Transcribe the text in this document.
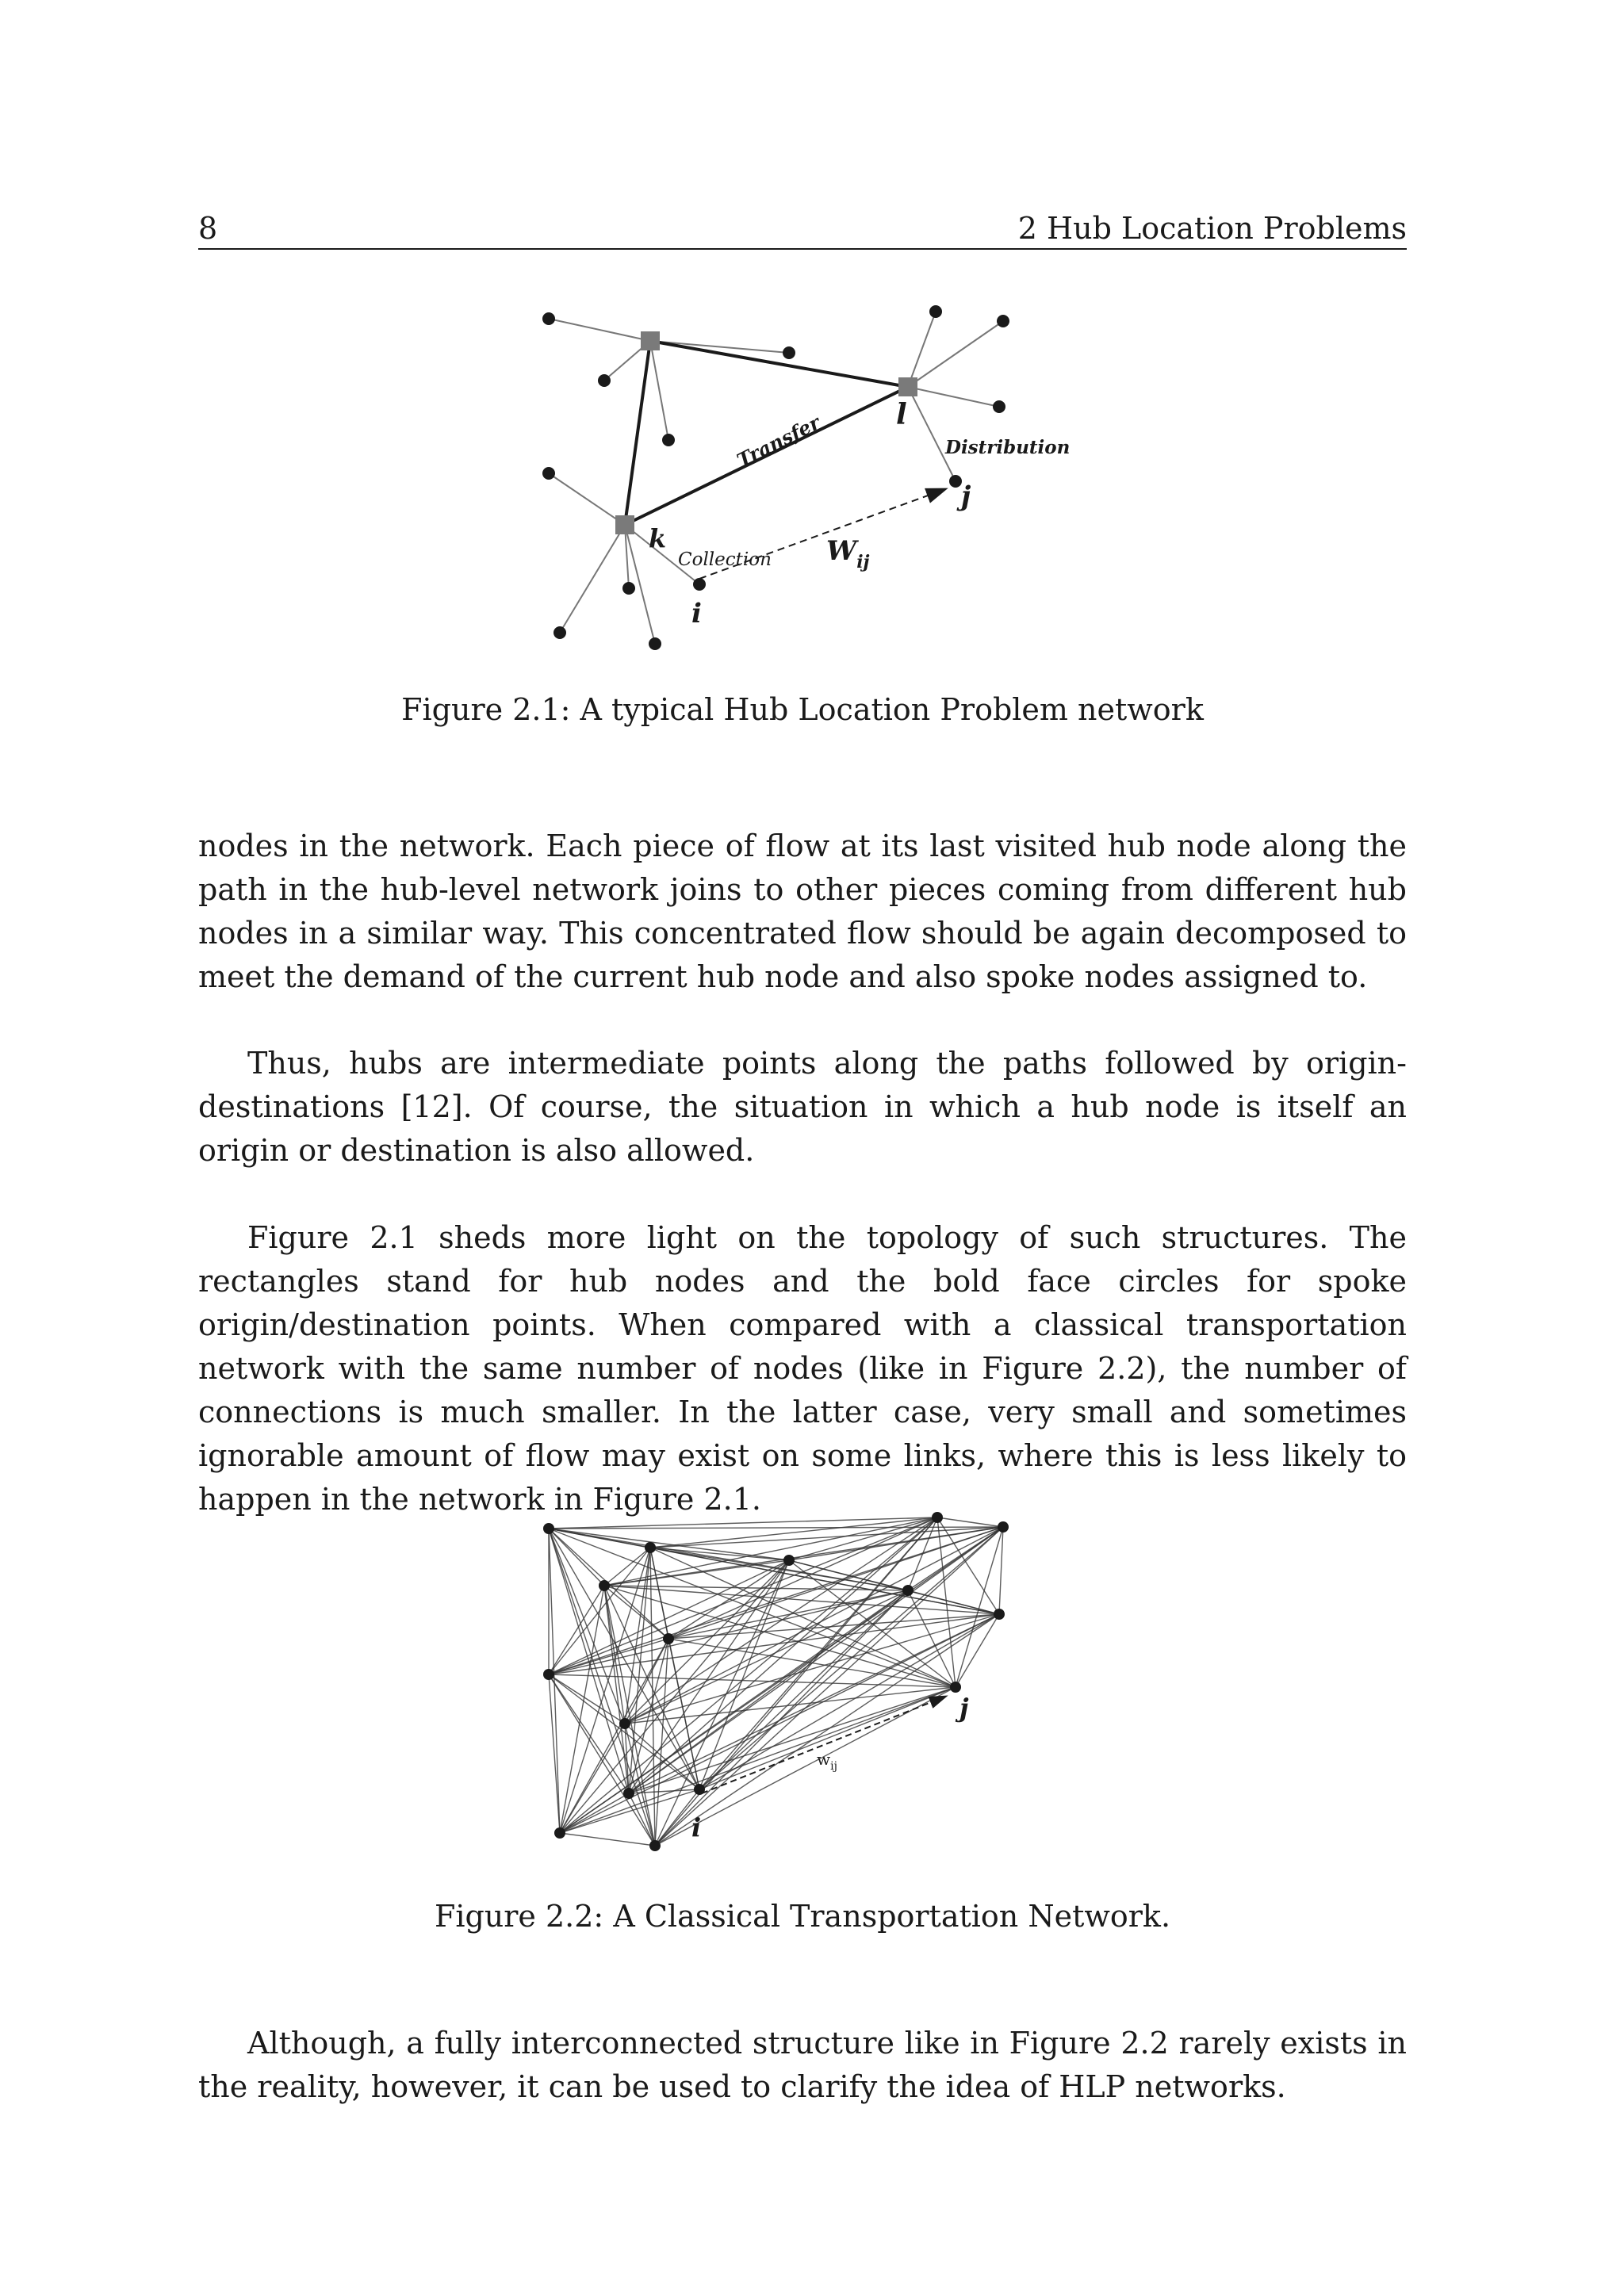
8	2 Hub Location Problems
Transfer	Distribution
Collection $W_{ij}$
k
l
i
j
Figure 2.1: A typical Hub Location Problem network

nodes in the network. Each piece of flow at its last visited hub node along the path in the hub-level network joins to other pieces coming from different hub nodes in a similar way. This concentrated flow should be again decomposed to meet the demand of the current hub node and also spoke nodes assigned to.

Thus, hubs are intermediate points along the paths followed by origin-destinations [12]. Of course, the situation in which a hub node is itself an origin or destination is also allowed.

Figure 2.1 sheds more light on the topology of such structures. The rectangles stand for hub nodes and the bold face circles for spoke origin/destination points. When compared with a classical transportation network with the same number of nodes (like in Figure 2.2), the number of connections is much smaller. In the latter case, very small and sometimes ignorable amount of flow may exist on some links, where this is less likely to happen in the network in Figure 2.1.

$w_{ij}$
i
j
Figure 2.2: A Classical Transportation Network.

Although, a fully interconnected structure like in Figure 2.2 rarely exists in the reality, however, it can be used to clarify the idea of HLP networks.
